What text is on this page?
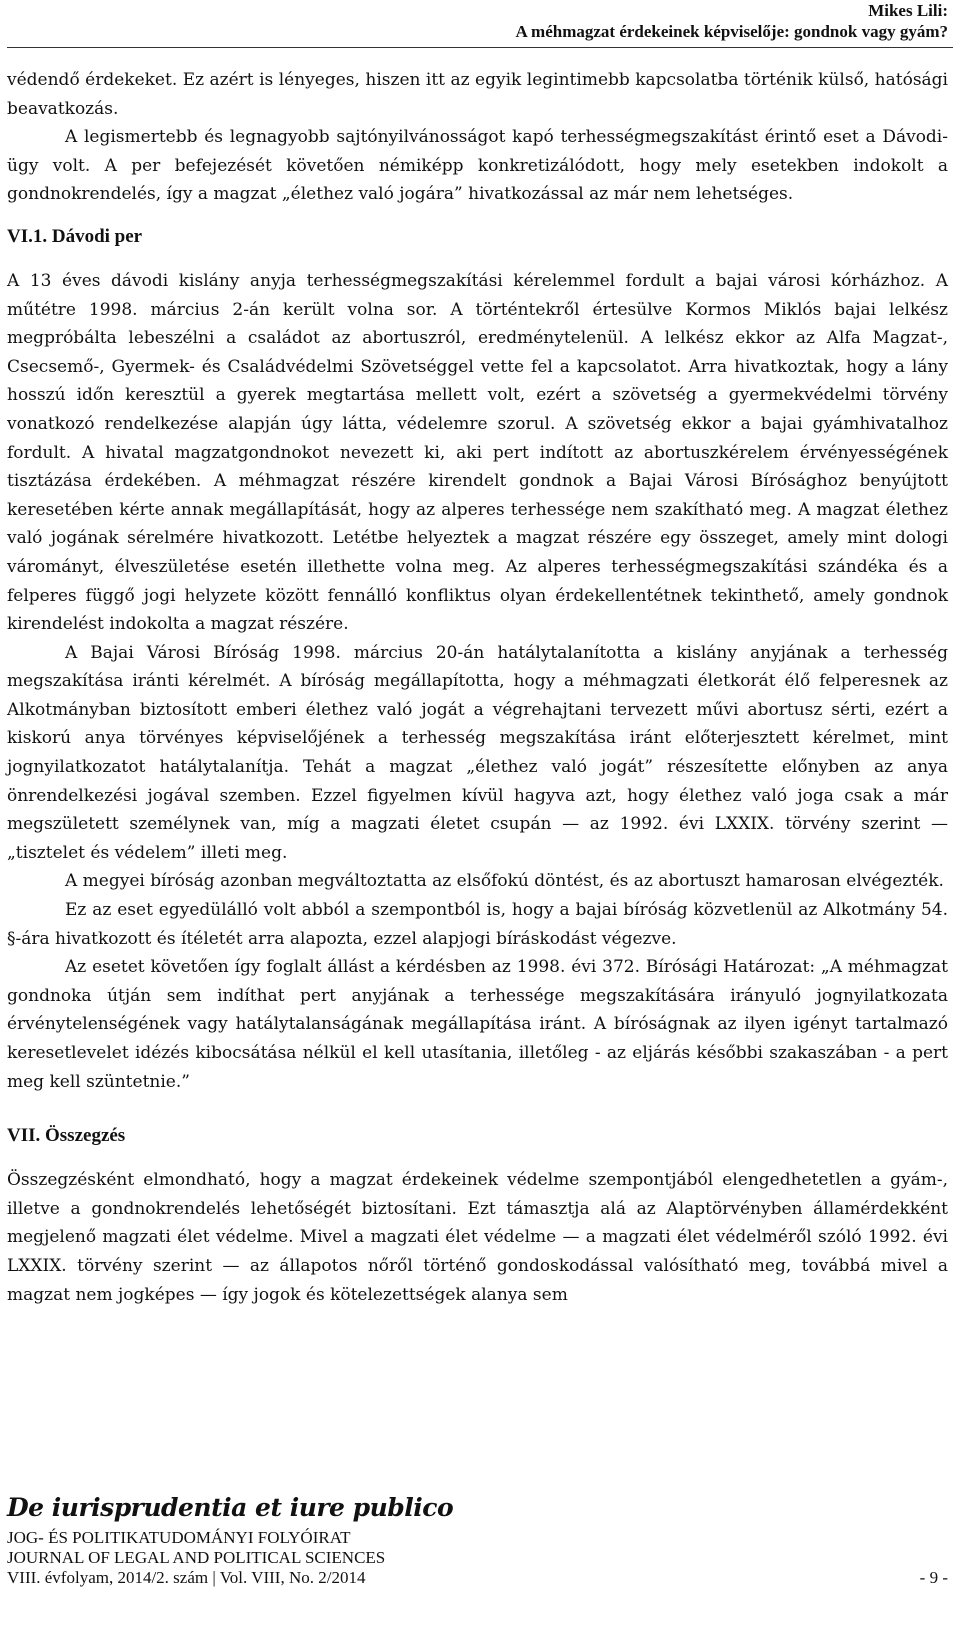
Mikes Lili:
A méhmagzat érdekeinek képviselője: gondnok vagy gyám?

védendő érdekeket. Ez azért is lényeges, hiszen itt az egyik legintimebb kapcsolatba történik külső, hatósági beavatkozás.

A legismertebb és legnagyobb sajtónyilvánosságot kapó terhességmegszakítást érintő eset a Dávodi-ügy volt. A per befejezését követően némiképp konkretizálódott, hogy mely esetekben indokolt a gondnokrendelés, így a magzat „élethez való jogára” hivatkozással az már nem lehetséges.

VI.1. Dávodi per

A 13 éves dávodi kislány anyja terhességmegszakítási kérelemmel fordult a bajai városi kórházhoz. A műtétre 1998. március 2-án került volna sor. A történtekről értesülve Kormos Miklós bajai lelkész megpróbálta lebeszélni a családot az abortuszról, eredménytelenül. A lelkész ekkor az Alfa Magzat-, Csecsemő-, Gyermek- és Családvédelmi Szövetséggel vette fel a kapcsolatot. Arra hivatkoztak, hogy a lány hosszú időn keresztül a gyerek megtartása mellett volt, ezért a szövetség a gyermekvédelmi törvény vonatkozó rendelkezése alapján úgy látta, védelemre szorul. A szövetség ekkor a bajai gyámhivatalhoz fordult. A hivatal magzatgondnokot nevezett ki, aki pert indított az abortuszkérelem érvényességének tisztázása érdekében. A méhmagzat részére kirendelt gondnok a Bajai Városi Bírósághoz benyújtott keresetében kérte annak megállapítását, hogy az alperes terhessége nem szakítható meg. A magzat élethez való jogának sérelmére hivatkozott. Letétbe helyeztek a magzat részére egy összeget, amely mint dologi várományt, élveszületése esetén illethette volna meg. Az alperes terhességmegszakítási szándéka és a felperes függő jogi helyzete között fennálló konfliktus olyan érdekellentétnek tekinthető, amely gondnok kirendelést indokolta a magzat részére.

A Bajai Városi Bíróság 1998. március 20-án hatálytalanította a kislány anyjának a terhesség megszakítása iránti kérelmét. A bíróság megállapította, hogy a méhmagzati életkorát élő felperesnek az Alkotmányban biztosított emberi élethez való jogát a végrehajtani tervezett művi abortusz sérti, ezért a kiskorú anya törvényes képviselőjének a terhesség megszakítása iránt előterjesztett kérelmet, mint jognyilatkozatot hatálytalanítja. Tehát a magzat „élethez való jogát” részesítette előnyben az anya önrendelkezési jogával szemben. Ezzel figyelmen kívül hagyva azt, hogy élethez való joga csak a már megszületett személynek van, míg a magzati életet csupán — az 1992. évi LXXIX. törvény szerint — „tisztelet és védelem” illeti meg.

A megyei bíróság azonban megváltoztatta az elsőfokú döntést, és az abortuszt hamarosan elvégezték.

Ez az eset egyedülálló volt abból a szempontból is, hogy a bajai bíróság közvetlenül az Alkotmány 54. §-ára hivatkozott és ítéletét arra alapozta, ezzel alapjogi bíráskodást végezve.

Az esetet követően így foglalt állást a kérdésben az 1998. évi 372. Bírósági Határozat: „A méhmagzat gondnoka útján sem indíthat pert anyjának a terhessége megszakítására irányuló jognyilatkozata érvénytelenségének vagy hatálytalanságának megállapítása iránt. A bíróságnak az ilyen igényt tartalmazó keresetlevelet idézés kibocsátása nélkül el kell utasítania, illetőleg - az eljárás későbbi szakaszában - a pert meg kell szüntetnie.”

VII. Összegzés

Összegzésként elmondható, hogy a magzat érdekeinek védelme szempontjából elengedhetetlen a gyám-, illetve a gondnokrendelés lehetőségét biztosítani. Ezt támasztja alá az Alaptörvényben államérdekként megjelenő magzati élet védelme. Mivel a magzati élet védelme — a magzati élet védelméről szóló 1992. évi LXXIX. törvény szerint — az állapotos nőről történő gondoskodással valósítható meg, továbbá mivel a magzat nem jogképes — így jogok és kötelezettségek alanya sem

De iurisprudentia et iure publico
JOG- ÉS POLITIKATUDOMÁNYI FOLYÓIRAT
JOURNAL OF LEGAL AND POLITICAL SCIENCES
VIII. évfolyam, 2014/2. szám | Vol. VIII, No. 2/2014	- 9 -
